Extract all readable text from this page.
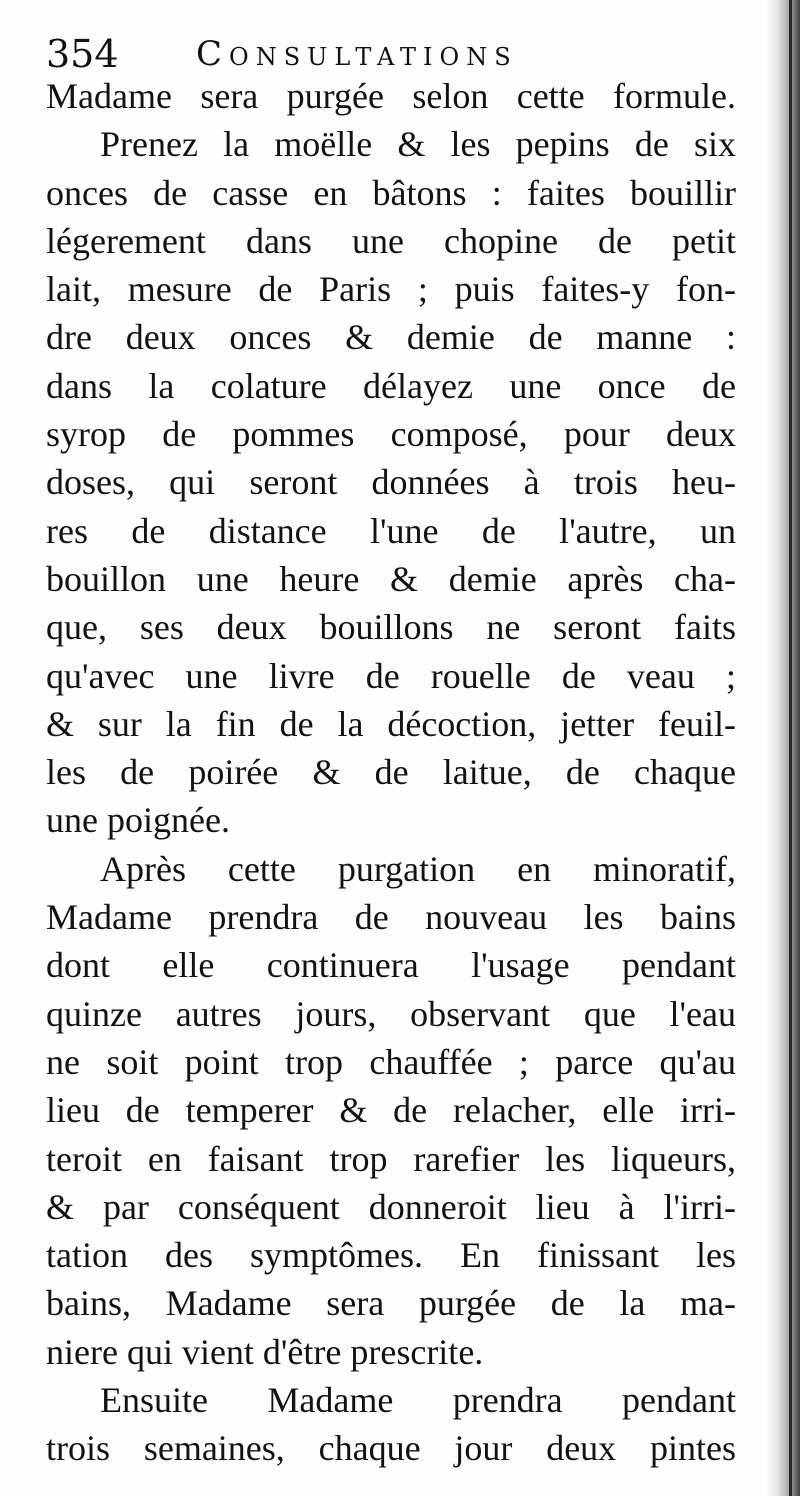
354 Consultations
Madame sera purgée selon cette formule.
Prenez la moëlle & les pepins de six
onces de casse en bâtons : faites bouillir
légerement dans une chopine de petit
lait, mesure de Paris ; puis faites-y fon-
dre deux onces & demie de manne :
dans la colature délayez une once de
syrop de pommes composé, pour deux
doses, qui seront données à trois heu-
res de distance l'une de l'autre, un
bouillon une heure & demie après cha-
que, ses deux bouillons ne seront faits
qu'avec une livre de rouelle de veau ;
& sur la fin de la décoction, jetter feuil-
les de poirée & de laitue, de chaque
une poignée.
Après cette purgation en minoratif,
Madame prendra de nouveau les bains
dont elle continuera l'usage pendant
quinze autres jours, observant que l'eau
ne soit point trop chauffée ; parce qu'au
lieu de temperer & de relacher, elle irri-
teroit en faisant trop rarefier les liqueurs,
& par conséquent donneroit lieu à l'irri-
tation des symptômes. En finissant les
bains, Madame sera purgée de la ma-
niere qui vient d'être prescrite.
Ensuite Madame prendra pendant
trois semaines, chaque jour deux pintes
